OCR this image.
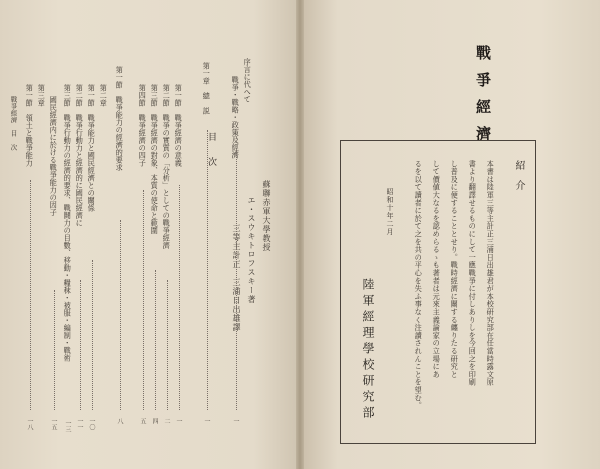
戰爭經濟
蘇聯赤軍大學教授
エ・スウキトロフスキー著
三等主計正　三浦日出雄譯
紹介
本書は陸軍三等主計正三浦日出雄君が本校研究部在任當時露文原
書より翻譯せるものにして一應戰爭に付しありしを今回之を印刷
し普及に便することとせり。戰時經濟に關する纏りたる研究と
して價値大なるを認めらるゝも著者は元來主義論家の立場にあ
るを以て讀者に於て之を共の平心を失ふ事なく注讀されんことを望む。
昭和十年二月
陸軍經理學校研究部
目次
序言に代へて
戰爭・戰略・政策及經濟
第一章　總　説
第一節　戰爭經濟の意義
第二節　戰爭の實質の「分析」としての戰爭經濟
第三節　戰爭經濟の對象、本質の使命と範圍
第四節　戰爭經濟の四子
第一節　戰爭能力の經濟的要求
第二章
第一節　戰爭能力と國民經濟との關係
第二節　戰爭行動力と經濟的に國民經濟に
第三節　戰爭行動力の經濟的要求、戰鬪力の目數、移動・糧秣・被服・編制・戰術
國民經濟内に於ける戰爭能力の因子
第三章
第一節　領土と戰爭能力
戰爭經濟　目　次
一
一
一
二
四
五
八
一〇
一一
一三
一五
一八
